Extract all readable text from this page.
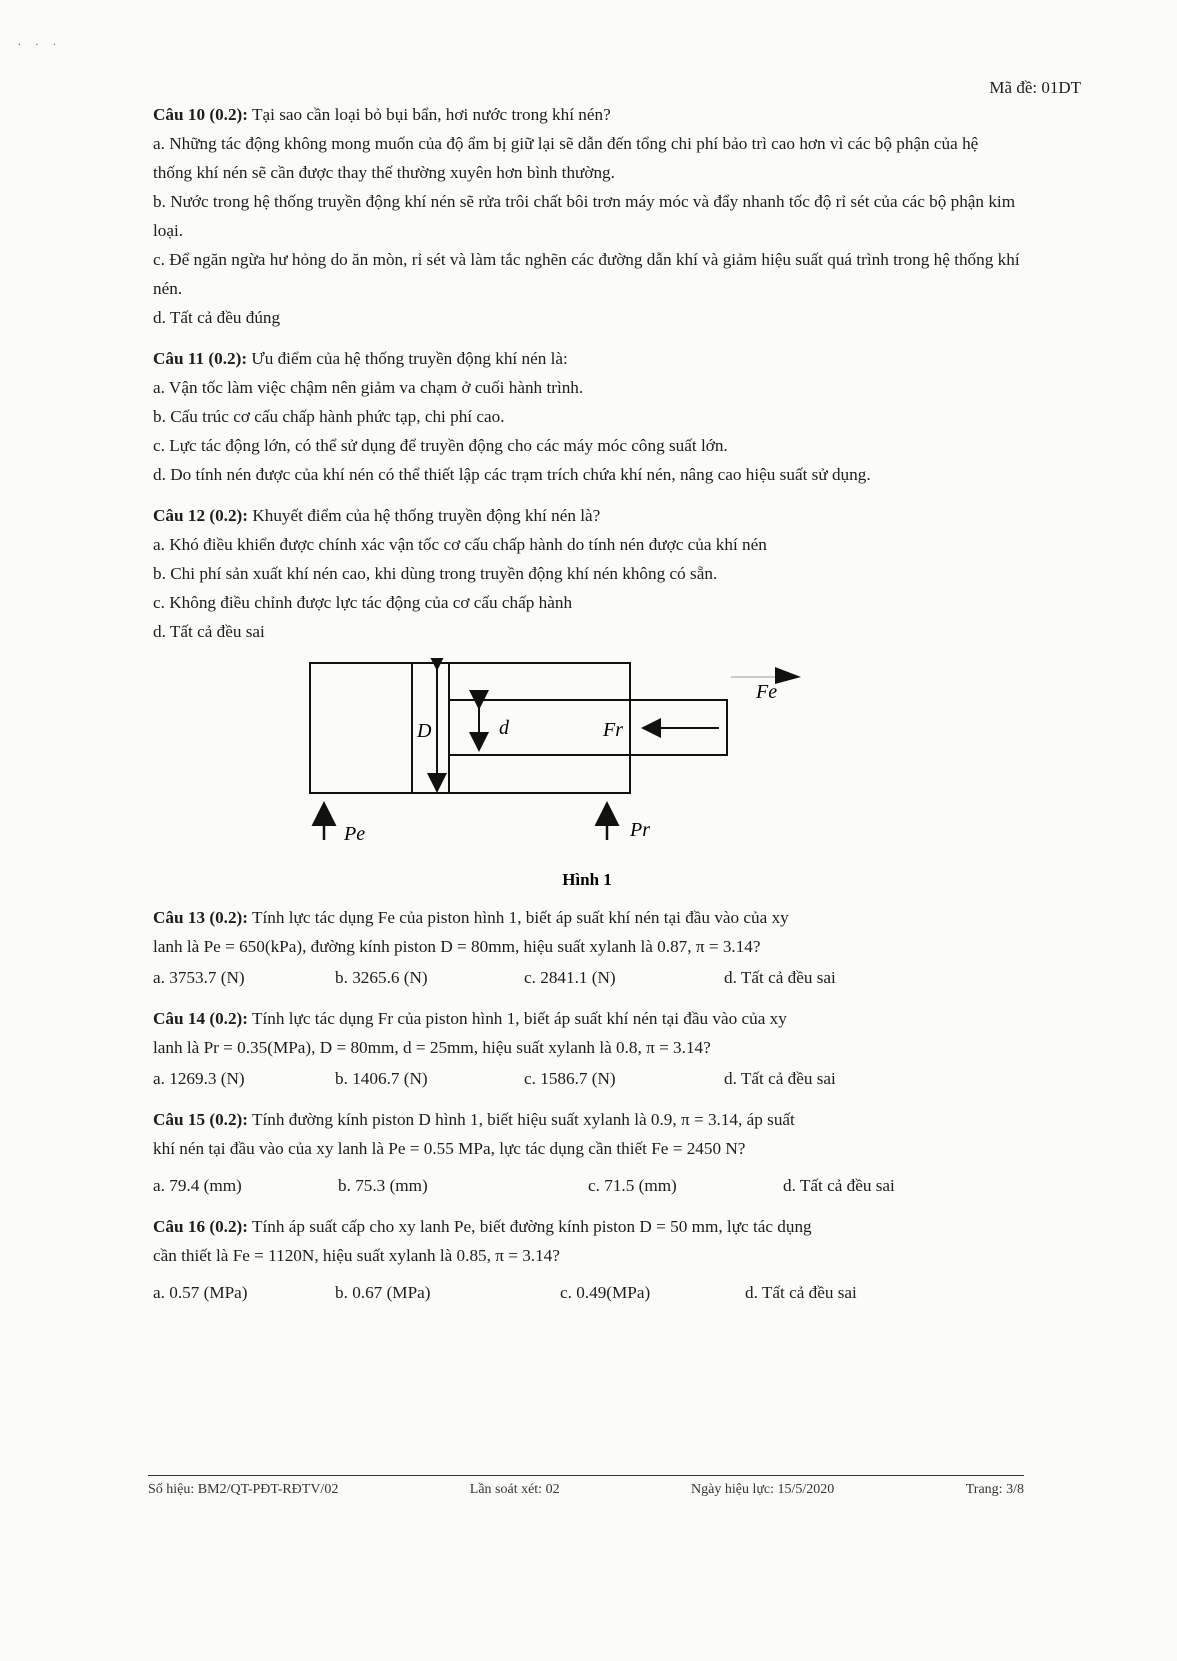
. . .
Mã đề: 01DT

Câu 10 (0.2): Tại sao cần loại bỏ bụi bẩn, hơi nước trong khí nén?

a. Những tác động không mong muốn của độ ẩm bị giữ lại sẽ dẫn đến tổng chi phí bảo trì cao hơn vì các bộ phận của hệ thống khí nén sẽ cần được thay thế thường xuyên hơn bình thường.

b. Nước trong hệ thống truyền động khí nén sẽ rửa trôi chất bôi trơn máy móc và đẩy nhanh tốc độ rỉ sét của các bộ phận kim loại.

c. Để ngăn ngừa hư hỏng do ăn mòn, rỉ sét và làm tắc nghẽn các đường dẫn khí và giảm hiệu suất quá trình trong hệ thống khí nén.

d. Tất cả đều đúng

Câu 11 (0.2): Ưu điểm của hệ thống truyền động khí nén là:

a. Vận tốc làm việc chậm nên giảm va chạm ở cuối hành trình.

b. Cấu trúc cơ cấu chấp hành phức tạp, chi phí cao.

c. Lực tác động lớn, có thể sử dụng để truyền động cho các máy móc công suất lớn.

d. Do tính nén được của khí nén có thể thiết lập các trạm trích chứa khí nén, nâng cao hiệu suất sử dụng.

Câu 12 (0.2): Khuyết điểm của hệ thống truyền động khí nén là?

a. Khó điều khiển được chính xác vận tốc cơ cấu chấp hành do tính nén được của khí nén

b. Chi phí sản xuất khí nén cao, khi dùng trong truyền động khí nén không có sẵn.

c. Không điều chỉnh được lực tác động của cơ cấu chấp hành

d. Tất cả đều sai

D	d	Fr
Fe
Pe	Pr
Hình 1

Câu 13 (0.2): Tính lực tác dụng Fe của piston hình 1, biết áp suất khí nén tại đầu vào của xy

lanh là Pe = 650(kPa), đường kính piston D = 80mm, hiệu suất xylanh là 0.87, π = 3.14?

a. 3753.7 (N)	b. 3265.6 (N)	c. 2841.1 (N)	d. Tất cả đều sai

Câu 14 (0.2): Tính lực tác dụng Fr của piston hình 1, biết áp suất khí nén tại đầu vào của xy

lanh là Pr = 0.35(MPa), D = 80mm, d = 25mm, hiệu suất xylanh là 0.8, π = 3.14?

a. 1269.3 (N)	b. 1406.7 (N)	c. 1586.7 (N)	d. Tất cả đều sai

Câu 15 (0.2): Tính đường kính piston D hình 1, biết hiệu suất xylanh là 0.9, π = 3.14, áp suất

khí nén tại đầu vào của xy lanh là Pe = 0.55 MPa, lực tác dụng cần thiết Fe = 2450 N?

a. 79.4 (mm)	b. 75.3 (mm)	c. 71.5 (mm)	d. Tất cả đều sai

Câu 16 (0.2): Tính áp suất cấp cho xy lanh Pe, biết đường kính piston D = 50 mm, lực tác dụng

cần thiết là Fe = 1120N, hiệu suất xylanh là 0.85, π = 3.14?

a. 0.57 (MPa)	b. 0.67 (MPa)	c. 0.49(MPa)	d. Tất cả đều sai
Số hiệu: BM2/QT-PĐT-RĐTV/02	Lần soát xét: 02	Ngày hiệu lực: 15/5/2020	Trang: 3/8
